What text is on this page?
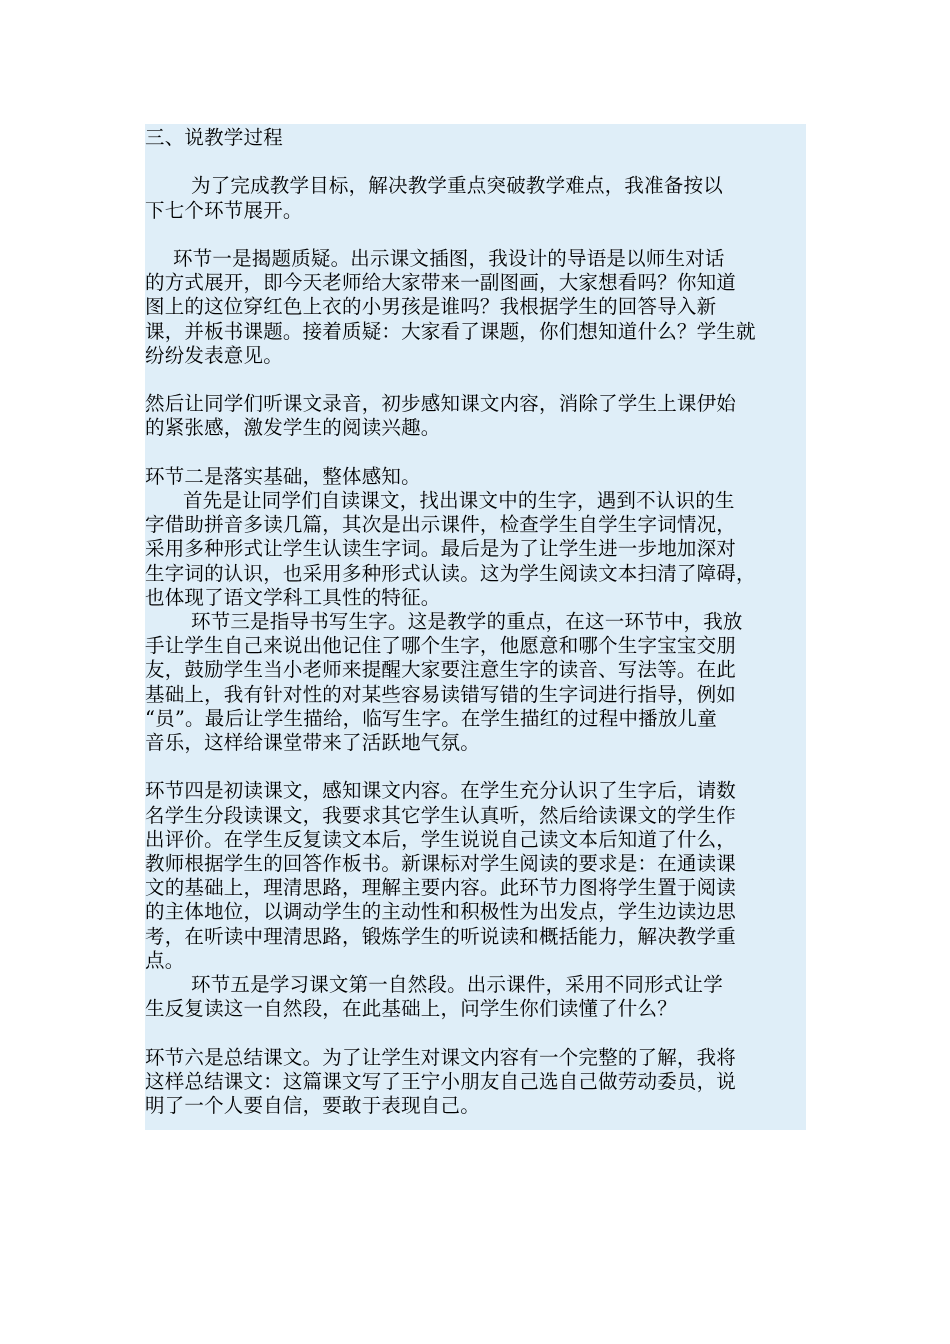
三、说教学过程
为了完成教学目标，解决教学重点突破教学难点，我准备按以
下七个环节展开。
环节一是揭题质疑。出示课文插图，我设计的导语是以师生对话
的方式展开，即今天老师给大家带来一副图画，大家想看吗？你知道
图上的这位穿红色上衣的小男孩是谁吗？我根据学生的回答导入新
课，并板书课题。接着质疑：大家看了课题，你们想知道什么？学生就
纷纷发表意见。
然后让同学们听课文录音，初步感知课文内容，消除了学生上课伊始
的紧张感，激发学生的阅读兴趣。
环节二是落实基础，整体感知。
首先是让同学们自读课文，找出课文中的生字，遇到不认识的生
字借助拼音多读几篇，其次是出示课件，检查学生自学生字词情况，
采用多种形式让学生认读生字词。最后是为了让学生进一步地加深对
生字词的认识，也采用多种形式认读。这为学生阅读文本扫清了障碍，
也体现了语文学科工具性的特征。
环节三是指导书写生字。这是教学的重点，在这一环节中，我放
手让学生自己来说出他记住了哪个生字，他愿意和哪个生字宝宝交朋
友，鼓励学生当小老师来提醒大家要注意生字的读音、写法等。在此
基础上，我有针对性的对某些容易读错写错的生字词进行指导，例如
“员”。最后让学生描给，临写生字。在学生描红的过程中播放儿童
音乐，这样给课堂带来了活跃地气氛。
环节四是初读课文，感知课文内容。在学生充分认识了生字后，请数
名学生分段读课文，我要求其它学生认真听，然后给读课文的学生作
出评价。在学生反复读文本后，学生说说自己读文本后知道了什么，
教师根据学生的回答作板书。新课标对学生阅读的要求是：在通读课
文的基础上，理清思路，理解主要内容。此环节力图将学生置于阅读
的主体地位，以调动学生的主动性和积极性为出发点，学生边读边思
考，在听读中理清思路，锻炼学生的听说读和概括能力，解决教学重
点。
环节五是学习课文第一自然段。出示课件，采用不同形式让学
生反复读这一自然段，在此基础上，问学生你们读懂了什么？
环节六是总结课文。为了让学生对课文内容有一个完整的了解，我将
这样总结课文：这篇课文写了王宁小朋友自己选自己做劳动委员，说
明了一个人要自信，要敢于表现自己。
